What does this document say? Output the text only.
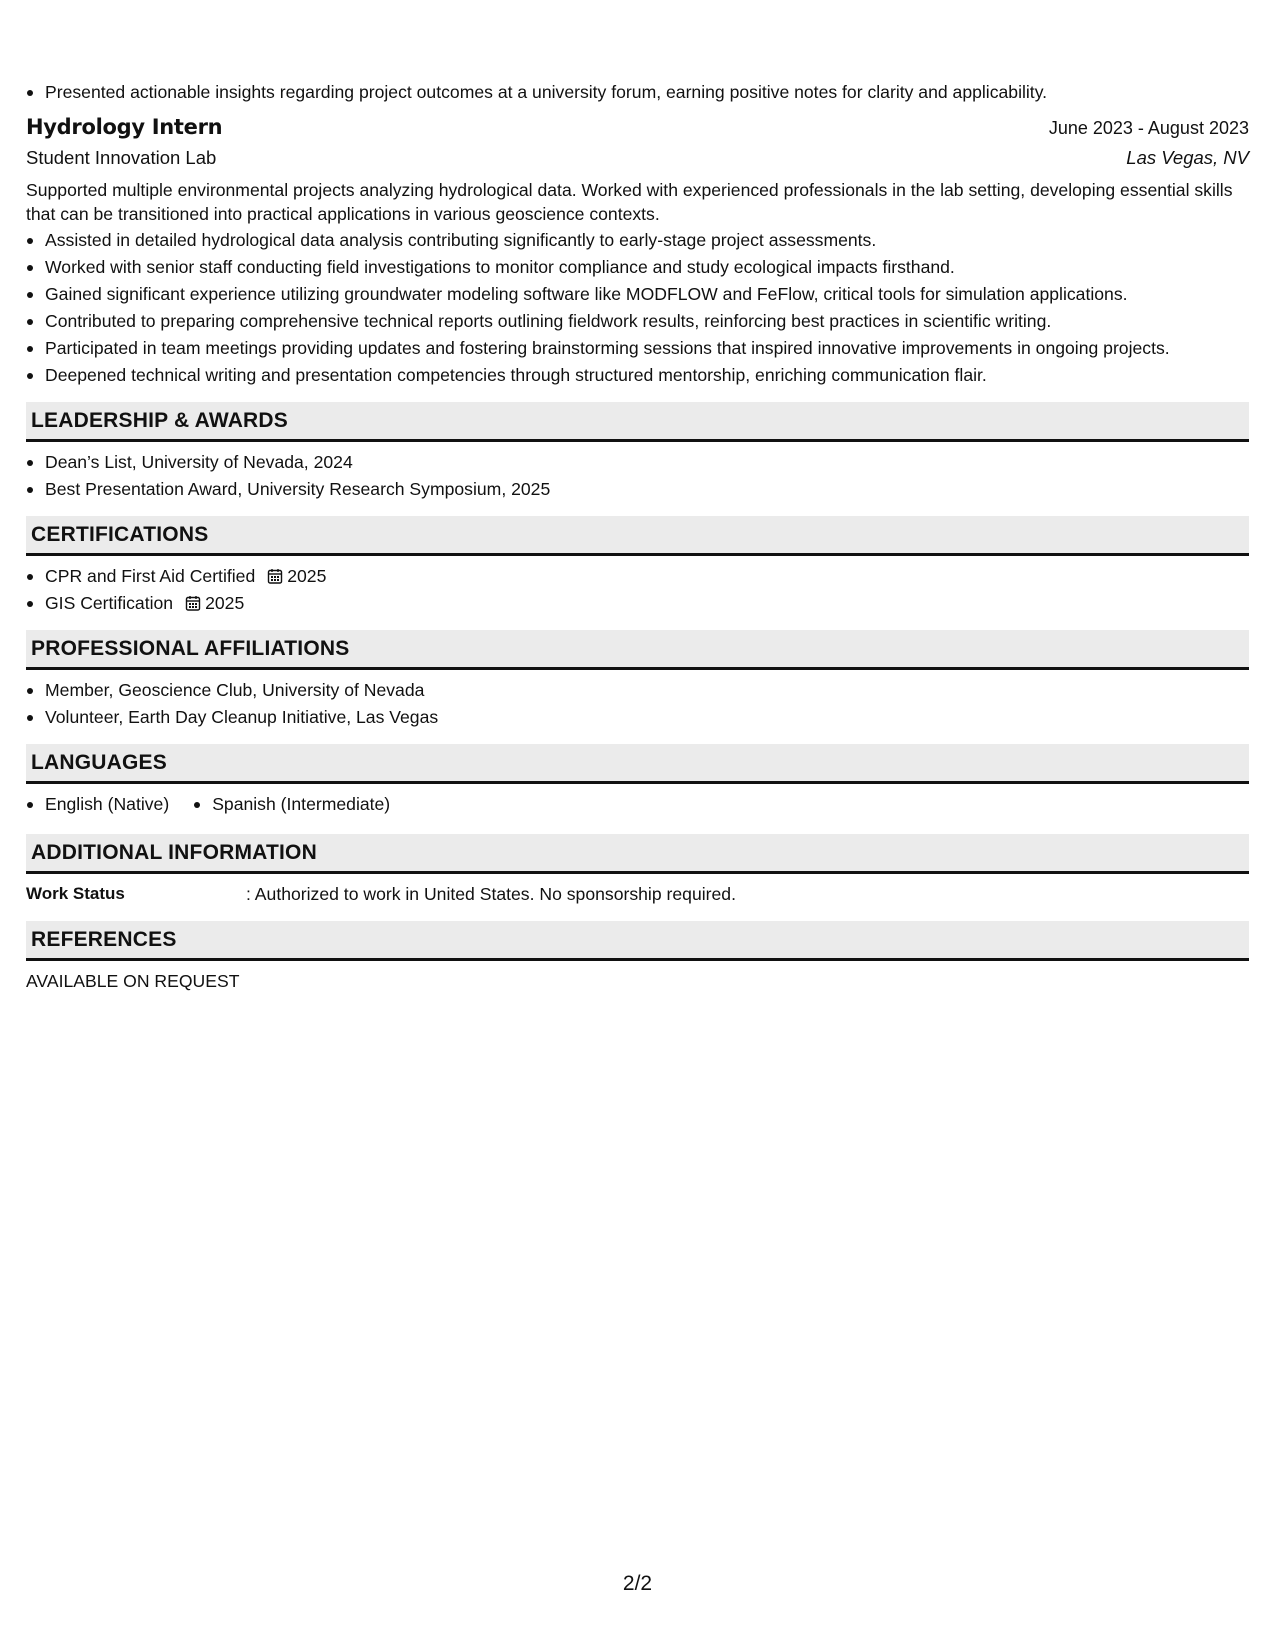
Presented actionable insights regarding project outcomes at a university forum, earning positive notes for clarity and applicability.
Hydrology Intern	June 2023 - August 2023
Student Innovation Lab	Las Vegas, NV

Supported multiple environmental projects analyzing hydrological data. Worked with experienced professionals in the lab setting, developing essential skills that can be transitioned into practical applications in various geoscience contexts.

Assisted in detailed hydrological data analysis contributing significantly to early-stage project assessments.
Worked with senior staff conducting field investigations to monitor compliance and study ecological impacts firsthand.
Gained significant experience utilizing groundwater modeling software like MODFLOW and FeFlow, critical tools for simulation applications.
Contributed to preparing comprehensive technical reports outlining fieldwork results, reinforcing best practices in scientific writing.
Participated in team meetings providing updates and fostering brainstorming sessions that inspired innovative improvements in ongoing projects.
Deepened technical writing and presentation competencies through structured mentorship, enriching communication flair.
LEADERSHIP & AWARDS
Dean’s List, University of Nevada, 2024
Best Presentation Award, University Research Symposium, 2025
CERTIFICATIONS
CPR and First Aid Certified 2025
GIS Certification 2025
PROFESSIONAL AFFILIATIONS
Member, Geoscience Club, University of Nevada
Volunteer, Earth Day Cleanup Initiative, Las Vegas
LANGUAGES
English (Native)	Spanish (Intermediate)
ADDITIONAL INFORMATION
Work Status	: Authorized to work in United States. No sponsorship required.
REFERENCES

AVAILABLE ON REQUEST

2/2
